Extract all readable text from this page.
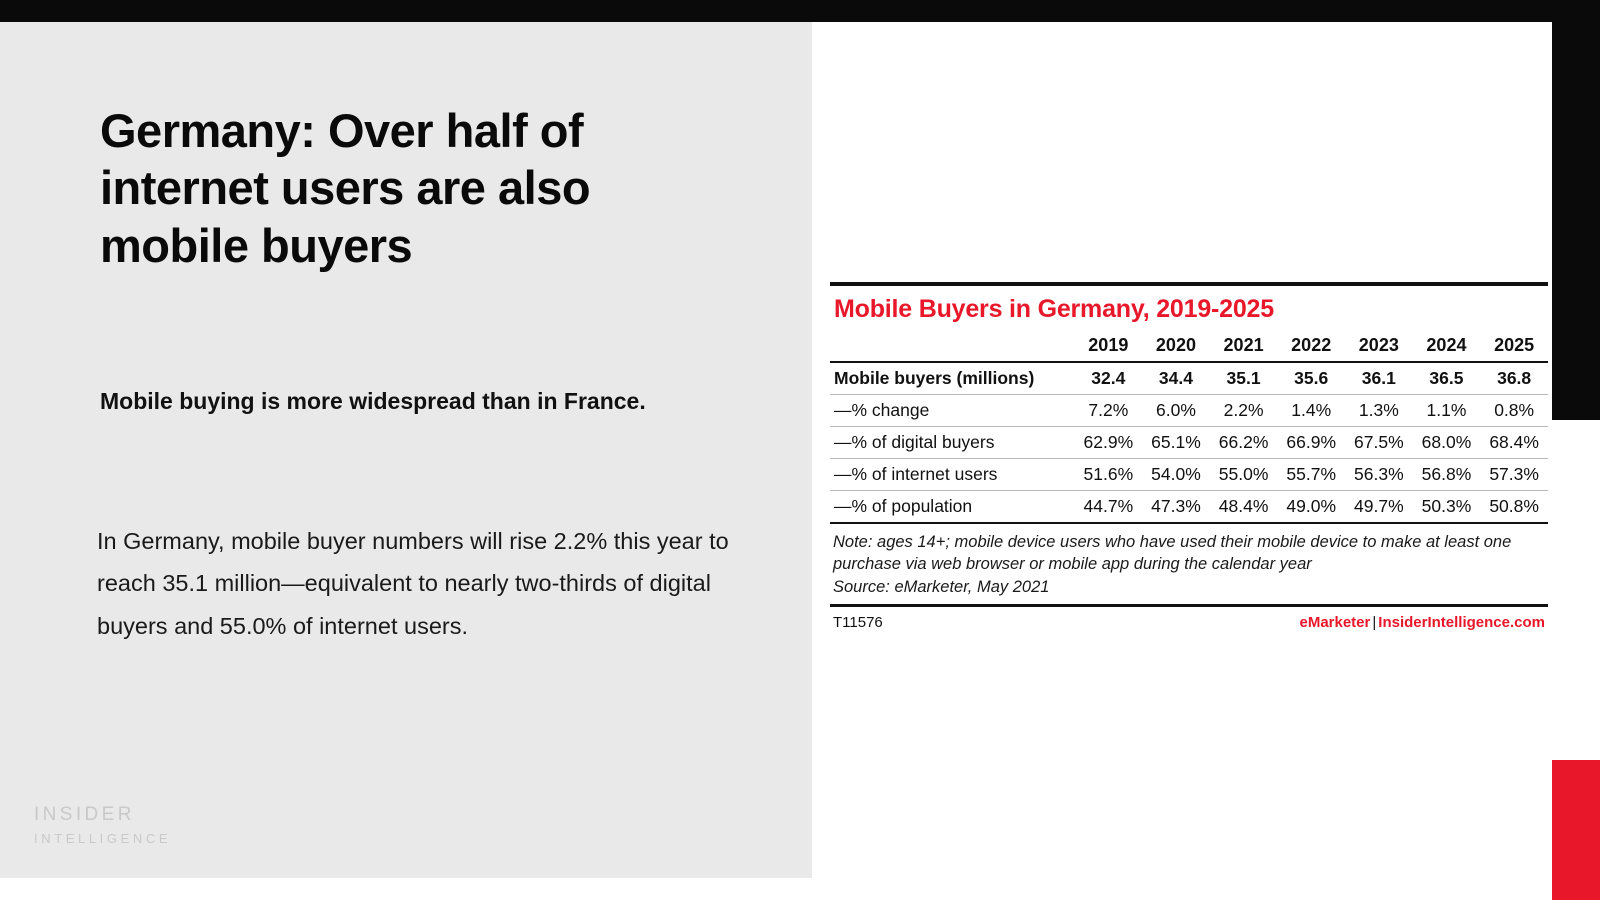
Germany: Over half of internet users are also mobile buyers
Mobile buying is more widespread than in France.
In Germany, mobile buyer numbers will rise 2.2% this year to reach 35.1 million—equivalent to nearly two-thirds of digital buyers and 55.0% of internet users.
INSIDER
INTELLIGENCE
Mobile Buyers in Germany, 2019-2025
	2019	2020	2021	2022	2023	2024	2025
Mobile buyers (millions)	32.4	34.4	35.1	35.6	36.1	36.5	36.8
—% change	7.2%	6.0%	2.2%	1.4%	1.3%	1.1%	0.8%
—% of digital buyers	62.9%	65.1%	66.2%	66.9%	67.5%	68.0%	68.4%
—% of internet users	51.6%	54.0%	55.0%	55.7%	56.3%	56.8%	57.3%
—% of population	44.7%	47.3%	48.4%	49.0%	49.7%	50.3%	50.8%
Note: ages 14+; mobile device users who have used their mobile device to make at least one purchase via web browser or mobile app during the calendar year
Source: eMarketer, May 2021
T11576	eMarketer | InsiderIntelligence.com
